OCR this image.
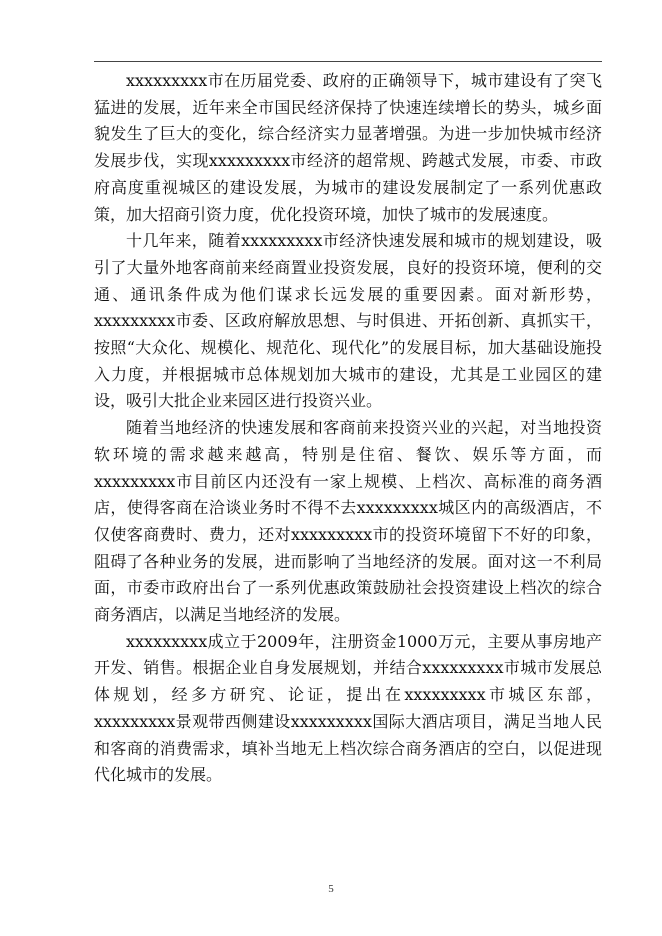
xxxxxxxxx市在历届党委、政府的正确领导下，城市建设有了突飞猛进的发展，近年来全市国民经济保持了快速连续增长的势头，城乡面貌发生了巨大的变化，综合经济实力显著增强。为进一步加快城市经济发展步伐，实现xxxxxxxxx市经济的超常规、跨越式发展，市委、市政府高度重视城区的建设发展，为城市的建设发展制定了一系列优惠政策，加大招商引资力度，优化投资环境，加快了城市的发展速度。

十几年来，随着xxxxxxxxx市经济快速发展和城市的规划建设，吸引了大量外地客商前来经商置业投资发展，良好的投资环境，便利的交通、通讯条件成为他们谋求长远发展的重要因素。面对新形势，xxxxxxxxx市委、区政府解放思想、与时俱进、开拓创新、真抓实干，按照“大众化、规模化、规范化、现代化”的发展目标，加大基础设施投入力度，并根据城市总体规划加大城市的建设，尤其是工业园区的建设，吸引大批企业来园区进行投资兴业。

随着当地经济的快速发展和客商前来投资兴业的兴起，对当地投资软环境的需求越来越高，特别是住宿、餐饮、娱乐等方面，而xxxxxxxxx市目前区内还没有一家上规模、上档次、高标准的商务酒店，使得客商在洽谈业务时不得不去xxxxxxxxx城区内的高级酒店，不仅使客商费时、费力，还对xxxxxxxxx市的投资环境留下不好的印象，阻碍了各种业务的发展，进而影响了当地经济的发展。面对这一不利局面，市委市政府出台了一系列优惠政策鼓励社会投资建设上档次的综合商务酒店，以满足当地经济的发展。

xxxxxxxxx成立于2009年，注册资金1000万元，主要从事房地产开发、销售。根据企业自身发展规划，并结合xxxxxxxxx市城市发展总体规划，经多方研究、论证，提出在xxxxxxxxx市城区东部，xxxxxxxxx景观带西侧建设xxxxxxxxx国际大酒店项目，满足当地人民和客商的消费需求，填补当地无上档次综合商务酒店的空白，以促进现代化城市的发展。

5
